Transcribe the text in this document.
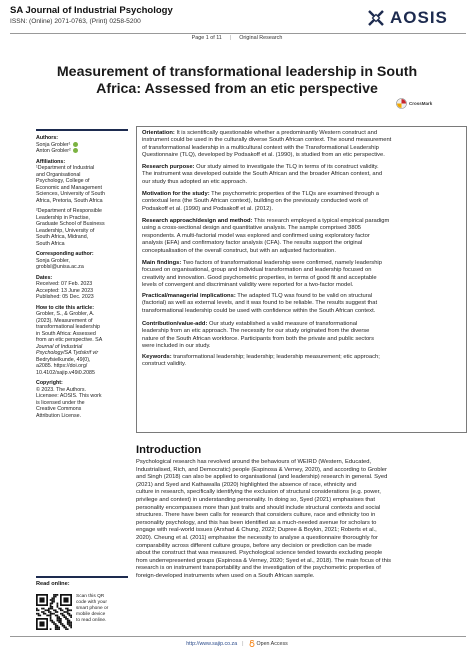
SA Journal of Industrial Psychology
ISSN: (Online) 2071-0763, (Print) 0258-5200	AOSIS
Page 1 of 11 | Original Research
Measurement of transformational leadership in South
Africa: Assessed from an etic perspective
CrossMark
Authors:
Sonja Grobler¹
Anton Grobler²
Affiliations:
¹Department of Industrial
and Organisational
Psychology, College of
Economic and Management
Sciences, University of South
Africa, Pretoria, South Africa
²Department of Responsible
Leadership in Practise,
Graduate School of Business
Leadership, University of
South Africa, Midrand,
South Africa
Corresponding author:
Sonja Grobler,
groblsl@unisa.ac.za
Dates:
Received: 07 Feb. 2023
Accepted: 13 June 2023
Published: 05 Dec. 2023
How to cite this article:
Grobler, S., & Grobler, A.
(2023). Measurement of
transformational leadership
in South Africa: Assessed
from an etic perspective. SA
Journal of Industrial
Psychology/SA Tydskrif vir
Bedryfsielkunde, 49(0),
a2085. https://doi.org/
10.4102/sajip.v49i0.2085
Copyright:
© 2023. The Authors.
Licensee: AOSIS. This work
is licensed under the
Creative Commons
Attribution License.
Read online:
Scan this QR
code with your
smart phone or
mobile device
to read online.
Orientation: It is scientifically questionable whether a predominantly Western construct and
instrument could be used in the culturally diverse South African context. The sound measurement
of transformational leadership in a multicultural context with the Transformational Leadership
Questionnaire (TLQ), developed by Podsakoff et al. (1990), is studied from an etic perspective.
Research purpose: Our study aimed to investigate the TLQ in terms of its construct validity.
The instrument was developed outside the South African and the broader African context, and
our study thus adopted an etic approach.
Motivation for the study: The psychometric properties of the TLQs are examined through a
contextual lens (the South African context), building on the previously conducted work of
Podsakoff et al. (1990) and Podsakoff et al. (2012).
Research approach/design and method: This research employed a typical empirical paradigm
using a cross-sectional design and quantitative analysis. The sample comprised 3805
respondents. A multi-factorial model was explored and confirmed using exploratory factor
analysis (EFA) and confirmatory factor analysis (CFA). The results support the original
conceptualisation of the overall construct, but with an adjusted factorisation.
Main findings: Two factors of transformational leadership were confirmed, namely leadership
focused on organisational, group and individual transformation and leadership focused on
creativity and innovation. Good psychometric properties, in terms of good fit and acceptable
levels of convergent and discriminant validity were reported for a two-factor model.
Practical/managerial implications: The adapted TLQ was found to be valid on structural
(factorial) as well as external levels, and it was found to be reliable. The results suggest that
transformational leadership could be used with confidence within the South African context.
Contribution/value-add: Our study established a valid measure of transformational
leadership from an etic approach. The necessity for our study originated from the diverse
nature of the South African workforce. Participants from both the private and public sectors
were included in our study.
Keywords: transformational leadership; leadership; leadership measurement; etic approach;
construct validity.
Introduction
Psychological research has revolved around the behaviours of WEIRD (Western, Educated,
Industrialised, Rich, and Democratic) people (Espinosa & Verney, 2020), and according to Grobler
and Singh (2018) can also be applied to organisational (and leadership) research in general. Syed
(2021) and Syed and Kathawalla (2020) highlighted the absence of race, ethnicity and
culture in research, specifically identifying the exclusion of structural considerations (e.g. power,
privilege and context) in understanding personality. In doing so, Syed (2021) emphasises that
personality encompasses more than just traits and should include structural contexts and social
structures. There have been calls for research that considers culture, race and ethnicity too in
personality psychology, and this has been identified as a much-needed avenue for scholars to
engage with real-world issues (Arshad & Chung, 2022; Dupree & Boykin, 2021; Roberts et al.,
2020). Cheung et al. (2011) emphasise the necessity to analyse a questionnaire thoroughly for
comparability across different culture groups, before any decision or prediction can be made
about the construct that was measured. Psychological science tended towards excluding people
from underrepresented groups (Espinosa & Verney, 2020; Syed et al., 2018). The main focus of this
research is on instrument transportability and the investigation of the psychometric properties of
foreign-developed instruments when used on a South African sample.
http://www.sajip.co.za | Open Access
